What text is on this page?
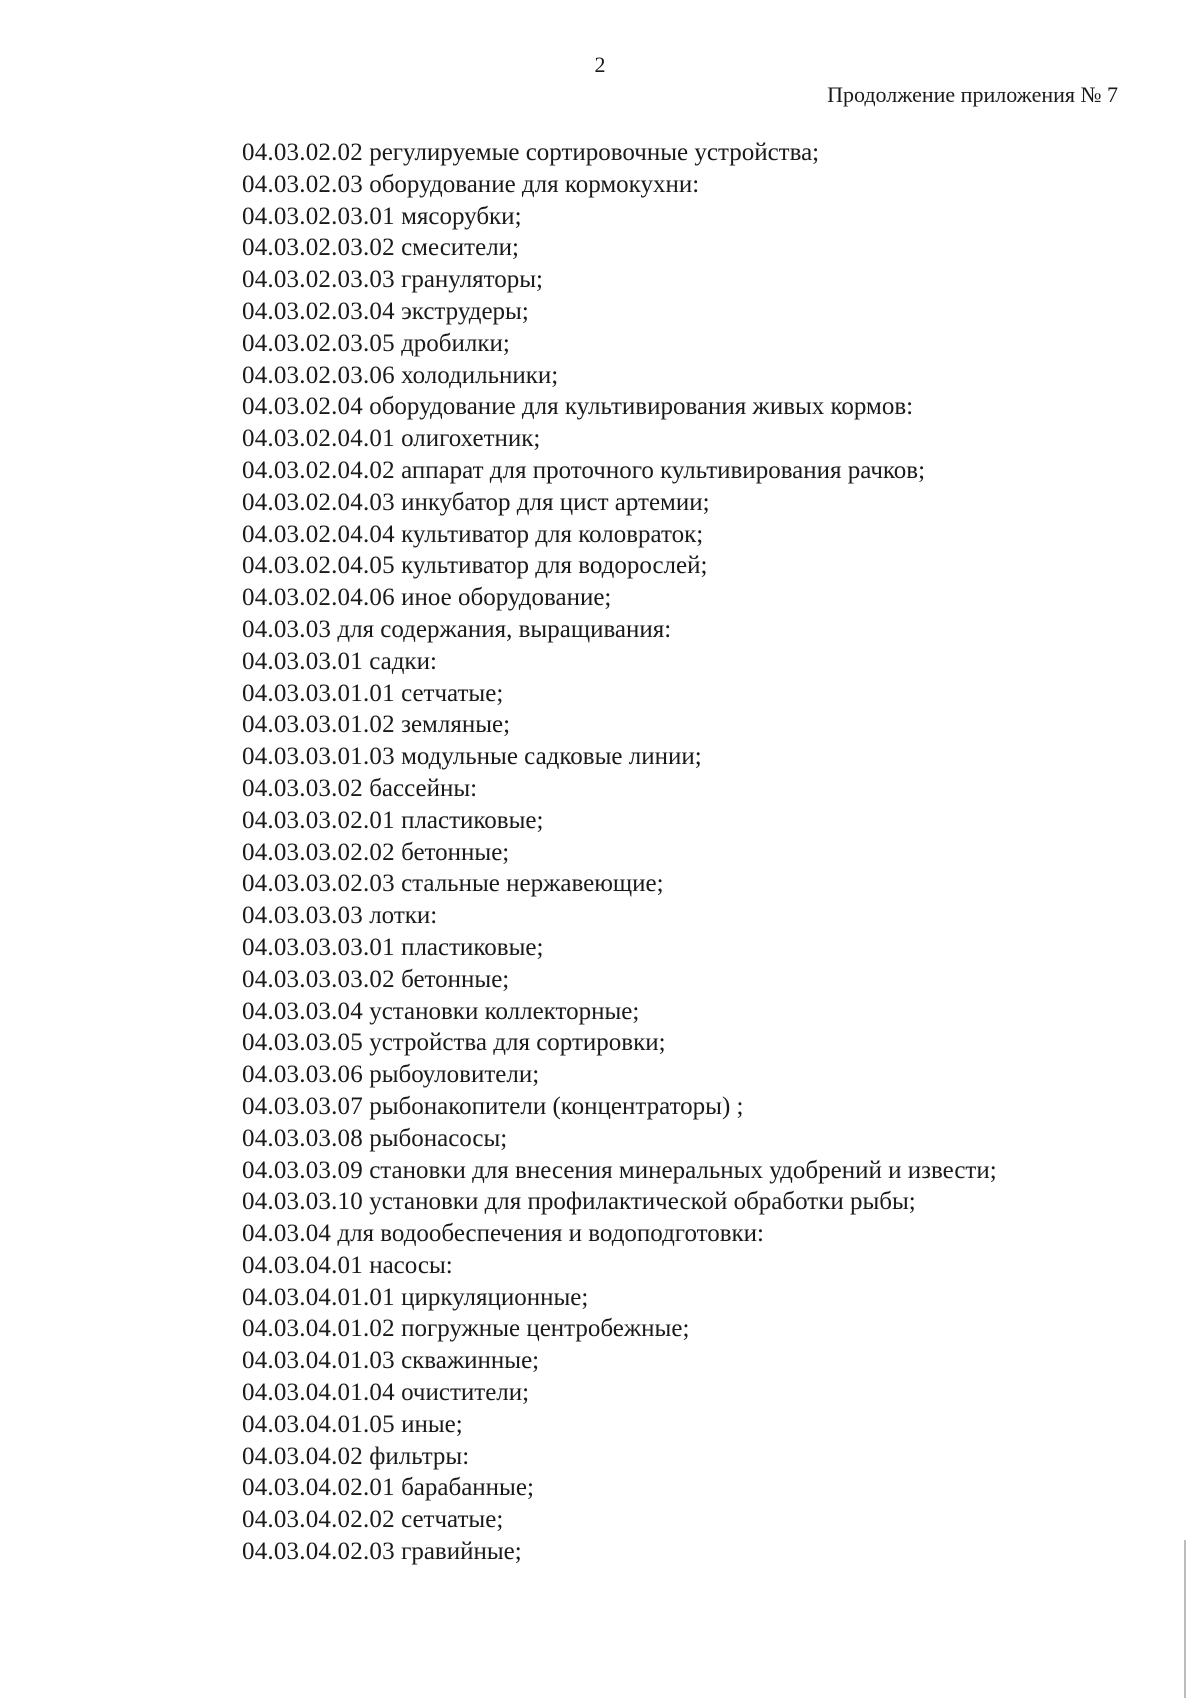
2
Продолжение приложения № 7
04.03.02.02 регулируемые сортировочные устройства;
04.03.02.03 оборудование для кормокухни:
04.03.02.03.01 мясорубки;
04.03.02.03.02 смесители;
04.03.02.03.03 грануляторы;
04.03.02.03.04 экструдеры;
04.03.02.03.05 дробилки;
04.03.02.03.06 холодильники;
04.03.02.04 оборудование для культивирования живых кормов:
04.03.02.04.01 олигохетник;
04.03.02.04.02 аппарат для проточного культивирования рачков;
04.03.02.04.03 инкубатор для цист артемии;
04.03.02.04.04 культиватор для коловраток;
04.03.02.04.05 культиватор для водорослей;
04.03.02.04.06 иное оборудование;
04.03.03 для содержания, выращивания:
04.03.03.01 садки:
04.03.03.01.01 сетчатые;
04.03.03.01.02 земляные;
04.03.03.01.03 модульные садковые линии;
04.03.03.02 бассейны:
04.03.03.02.01 пластиковые;
04.03.03.02.02 бетонные;
04.03.03.02.03 стальные нержавеющие;
04.03.03.03 лотки:
04.03.03.03.01 пластиковые;
04.03.03.03.02 бетонные;
04.03.03.04 установки коллекторные;
04.03.03.05 устройства для сортировки;
04.03.03.06 рыбоуловители;
04.03.03.07 рыбонакопители (концентраторы) ;
04.03.03.08 рыбонасосы;
04.03.03.09 становки для внесения минеральных удобрений и извести;
04.03.03.10 установки для профилактической обработки рыбы;
04.03.04 для водообеспечения и водоподготовки:
04.03.04.01 насосы:
04.03.04.01.01 циркуляционные;
04.03.04.01.02 погружные центробежные;
04.03.04.01.03 скважинные;
04.03.04.01.04 очистители;
04.03.04.01.05 иные;
04.03.04.02 фильтры:
04.03.04.02.01 барабанные;
04.03.04.02.02 сетчатые;
04.03.04.02.03 гравийные;
